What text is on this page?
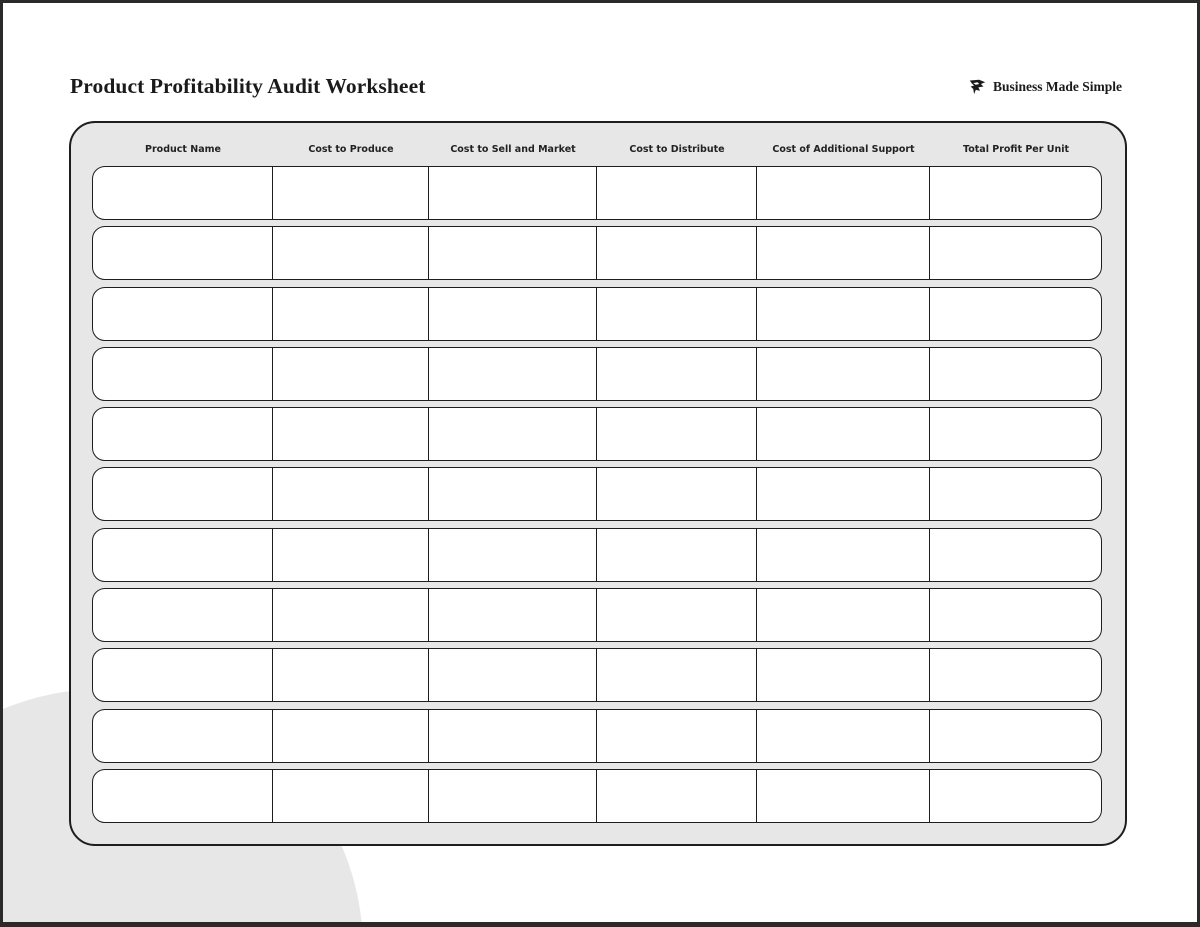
Product Profitability Audit Worksheet	Business Made Simple
Product Name	Cost to Produce	Cost to Sell and Market	Cost to Distribute	Cost of Additional Support	Total Profit Per Unit
